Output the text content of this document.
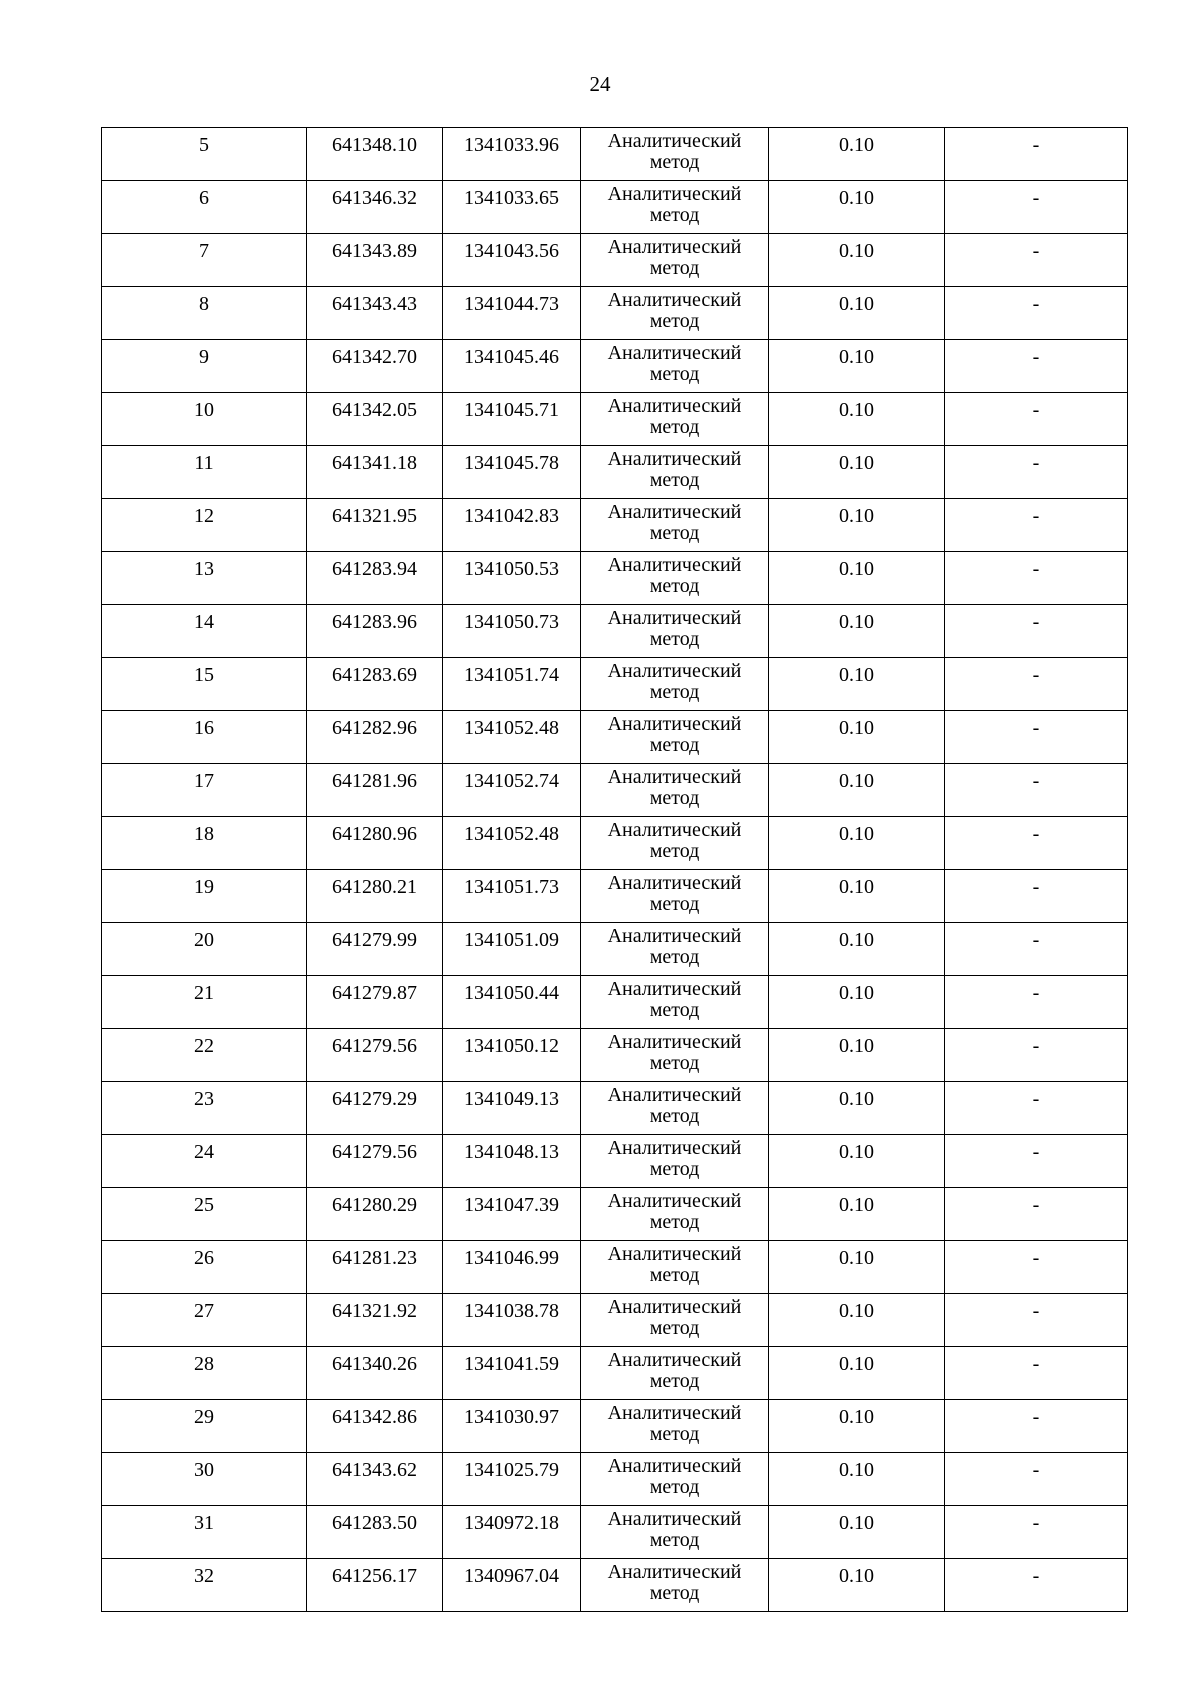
24
5	641348.10	1341033.96	Аналитический
метод	0.10	-

6	641346.32	1341033.65	Аналитический
метод	0.10	-

7	641343.89	1341043.56	Аналитический
метод	0.10	-

8	641343.43	1341044.73	Аналитический
метод	0.10	-

9	641342.70	1341045.46	Аналитический
метод	0.10	-

10	641342.05	1341045.71	Аналитический
метод	0.10	-

11	641341.18	1341045.78	Аналитический
метод	0.10	-

12	641321.95	1341042.83	Аналитический
метод	0.10	-

13	641283.94	1341050.53	Аналитический
метод	0.10	-

14	641283.96	1341050.73	Аналитический
метод	0.10	-

15	641283.69	1341051.74	Аналитический
метод	0.10	-

16	641282.96	1341052.48	Аналитический
метод	0.10	-

17	641281.96	1341052.74	Аналитический
метод	0.10	-

18	641280.96	1341052.48	Аналитический
метод	0.10	-

19	641280.21	1341051.73	Аналитический
метод	0.10	-

20	641279.99	1341051.09	Аналитический
метод	0.10	-

21	641279.87	1341050.44	Аналитический
метод	0.10	-

22	641279.56	1341050.12	Аналитический
метод	0.10	-

23	641279.29	1341049.13	Аналитический
метод	0.10	-

24	641279.56	1341048.13	Аналитический
метод	0.10	-

25	641280.29	1341047.39	Аналитический
метод	0.10	-

26	641281.23	1341046.99	Аналитический
метод	0.10	-

27	641321.92	1341038.78	Аналитический
метод	0.10	-

28	641340.26	1341041.59	Аналитический
метод	0.10	-

29	641342.86	1341030.97	Аналитический
метод	0.10	-

30	641343.62	1341025.79	Аналитический
метод	0.10	-

31	641283.50	1340972.18	Аналитический
метод	0.10	-

32	641256.17	1340967.04	Аналитический
метод	0.10	-
